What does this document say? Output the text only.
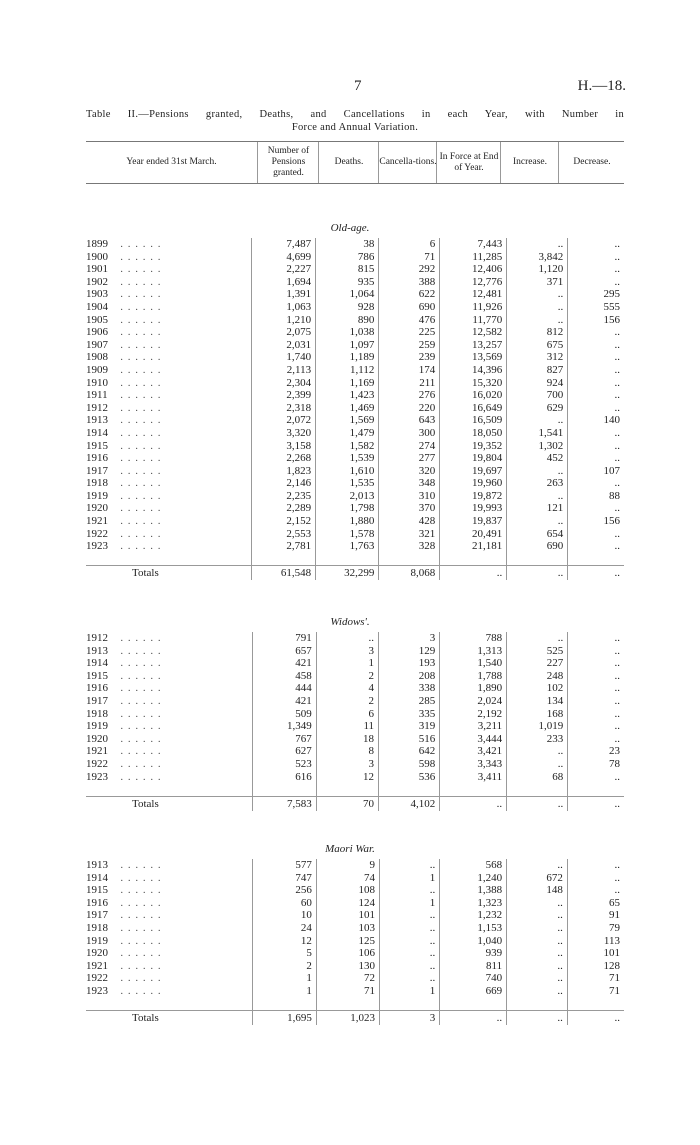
7	H.—18.
Table II.—Pensions granted, Deaths, and Cancellations in each Year, with Number in
Force and Annual Variation.
Year ended 31st March.
Number of Pensions granted.
Deaths.	Cancella-tions.
In Force at End of Year.
Increase.	Decrease.
Old-age.
1899	. . . . . .	7,487	38	6	7,443	..	..
1900	. . . . . .	4,699	786	71	11,285	3,842	..
1901	. . . . . .	2,227	815	292	12,406	1,120	..
1902	. . . . . .	1,694	935	388	12,776	371	..
1903	. . . . . .	1,391	1,064	622	12,481	..	295
1904	. . . . . .	1,063	928	690	11,926	..	555
1905	. . . . . .	1,210	890	476	11,770	..	156
1906	. . . . . .	2,075	1,038	225	12,582	812	..
1907	. . . . . .	2,031	1,097	259	13,257	675	..
1908	. . . . . .	1,740	1,189	239	13,569	312	..
1909	. . . . . .	2,113	1,112	174	14,396	827	..
1910	. . . . . .	2,304	1,169	211	15,320	924	..
1911	. . . . . .	2,399	1,423	276	16,020	700	..
1912	. . . . . .	2,318	1,469	220	16,649	629	..
1913	. . . . . .	2,072	1,569	643	16,509	..	140
1914	. . . . . .	3,320	1,479	300	18,050	1,541	..
1915	. . . . . .	3,158	1,582	274	19,352	1,302	..
1916	. . . . . .	2,268	1,539	277	19,804	452	..
1917	. . . . . .	1,823	1,610	320	19,697	..	107
1918	. . . . . .	2,146	1,535	348	19,960	263	..
1919	. . . . . .	2,235	2,013	310	19,872	..	88
1920	. . . . . .	2,289	1,798	370	19,993	121	..
1921	. . . . . .	2,152	1,880	428	19,837	..	156
1922	. . . . . .	2,553	1,578	321	20,491	654	..
1923	. . . . . .	2,781	1,763	328	21,181	690	..

Totals		61,548	32,299	8,068	..	..	..
Widows'.
1912	. . . . . .	791	..	3	788	..	..
1913	. . . . . .	657	3	129	1,313	525	..
1914	. . . . . .	421	1	193	1,540	227	..
1915	. . . . . .	458	2	208	1,788	248	..
1916	. . . . . .	444	4	338	1,890	102	..
1917	. . . . . .	421	2	285	2,024	134	..
1918	. . . . . .	509	6	335	2,192	168	..
1919	. . . . . .	1,349	11	319	3,211	1,019	..
1920	. . . . . .	767	18	516	3,444	233	..
1921	. . . . . .	627	8	642	3,421	..	23
1922	. . . . . .	523	3	598	3,343	..	78
1923	. . . . . .	616	12	536	3,411	68	..

Totals		7,583	70	4,102	..	..	..
Maori War.
1913	. . . . . .	577	9	..	568	..	..
1914	. . . . . .	747	74	1	1,240	672	..
1915	. . . . . .	256	108	..	1,388	148	..
1916	. . . . . .	60	124	1	1,323	..	65
1917	. . . . . .	10	101	..	1,232	..	91
1918	. . . . . .	24	103	..	1,153	..	79
1919	. . . . . .	12	125	..	1,040	..	113
1920	. . . . . .	5	106	..	939	..	101
1921	. . . . . .	2	130	..	811	..	128
1922	. . . . . .	1	72	..	740	..	71
1923	. . . . . .	1	71	1	669	..	71

Totals		1,695	1,023	3	..	..	..
